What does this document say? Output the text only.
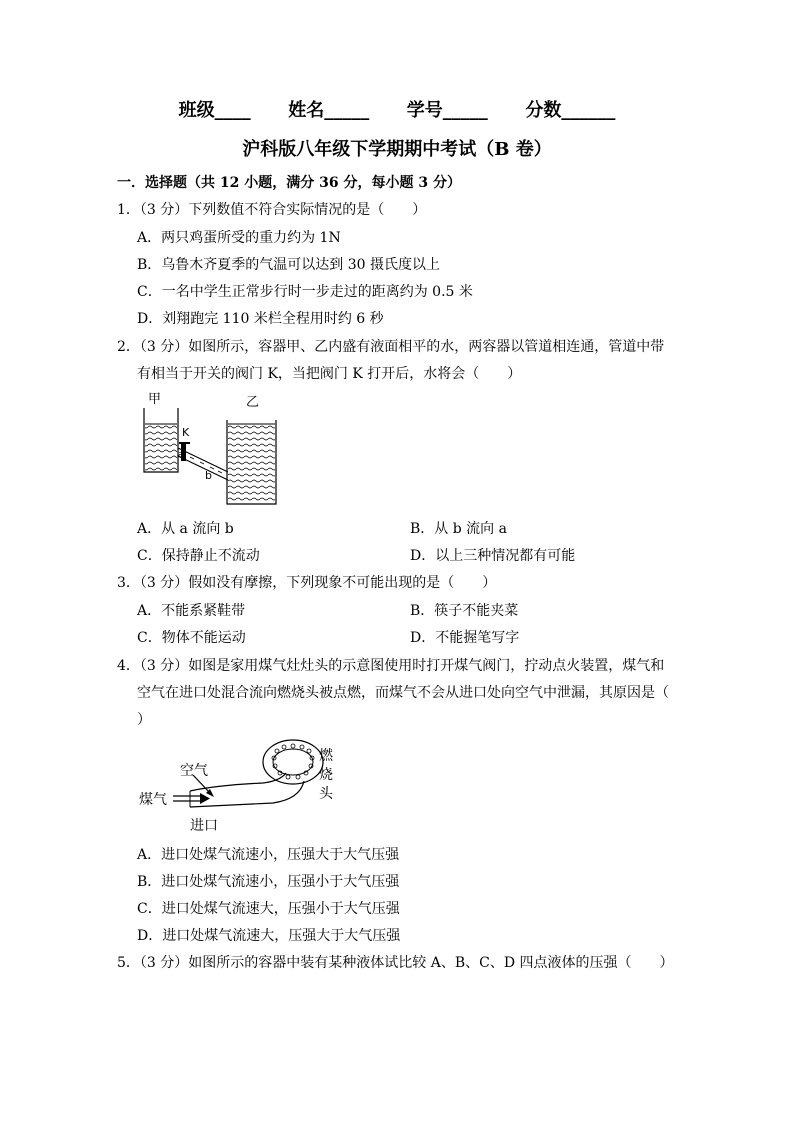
班级____      姓名_____      学号_____      分数______
沪科版八年级下学期期中考试（B 卷）
一．选择题（共 12 小题，满分 36 分，每小题 3 分）
1．（3 分）下列数值不符合实际情况的是（　　）
A．两只鸡蛋所受的重力约为 1N
B．乌鲁木齐夏季的气温可以达到 30 摄氏度以上
C．一名中学生正常步行时一步走过的距离约为 0.5 米
D．刘翔跑完 110 米栏全程用时约 6 秒
2．（3 分）如图所示，容器甲、乙内盛有液面相平的水，两容器以管道相连通，管道中带
有相当于开关的阀门 K，当把阀门 K 打开后，水将会（　　）
甲	乙
K
a
b
A．从 a 流向 b	B．从 b 流向 a
C．保持静止不流动	D．以上三种情况都有可能
3．（3 分）假如没有摩擦，下列现象不可能出现的是（　　）
A．不能系紧鞋带	B．筷子不能夹菜
C．物体不能运动	D．不能握笔写字
4．（3 分）如图是家用煤气灶灶头的示意图使用时打开煤气阀门，拧动点火装置，煤气和
空气在进口处混合流向燃烧头被点燃，而煤气不会从进口处向空气中泄漏，其原因是（
）
空气
煤气
进口
燃
烧
头
A．进口处煤气流速小，压强大于大气压强
B．进口处煤气流速小，压强小于大气压强
C．进口处煤气流速大，压强小于大气压强
D．进口处煤气流速大，压强大于大气压强
5．（3 分）如图所示的容器中装有某种液体试比较 A、B、C、D 四点液体的压强（　　）
